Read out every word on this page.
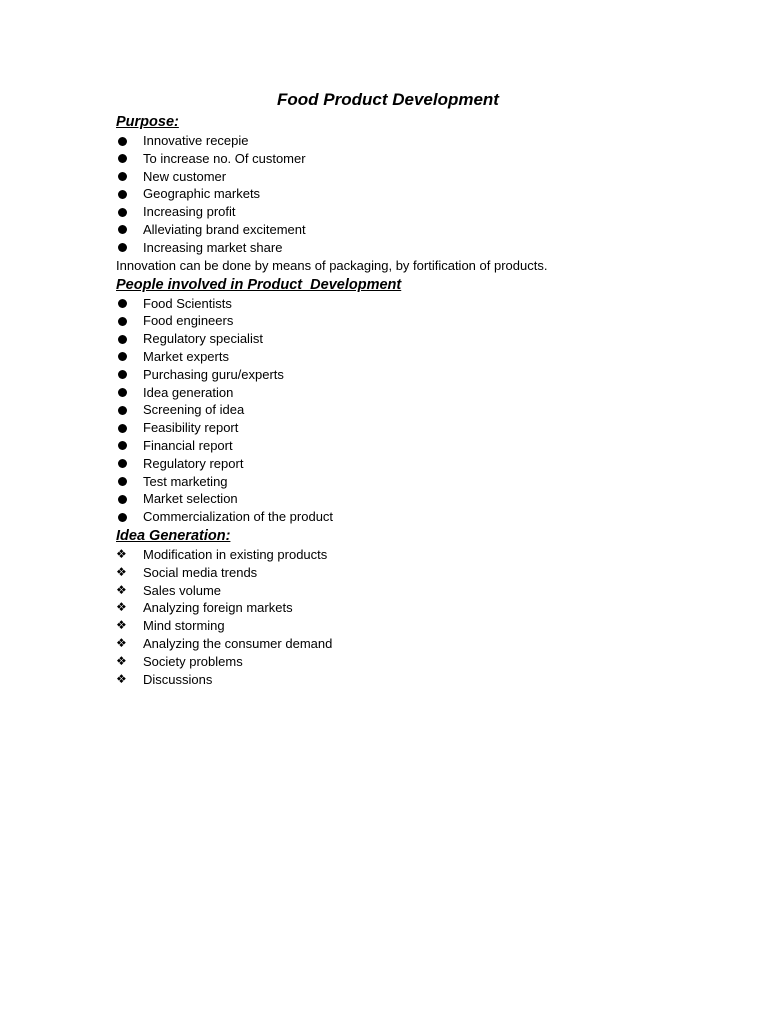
Food Product Development
Purpose:
Innovative recepie
To increase no. Of customer
New customer
Geographic markets
Increasing profit
Alleviating brand excitement
Increasing market share

Innovation can be done by means of packaging, by fortification of products.

People involved in Product  Development
Food Scientists
Food engineers
Regulatory specialist
Market experts
Purchasing guru/experts
Idea generation
Screening of idea
Feasibility report
Financial report
Regulatory report
Test marketing
Market selection
Commercialization of the product
Idea Generation:
❖ Modification in existing products
❖ Social media trends
❖ Sales volume
❖ Analyzing foreign markets
❖ Mind storming
❖ Analyzing the consumer demand
❖ Society problems
❖ Discussions
